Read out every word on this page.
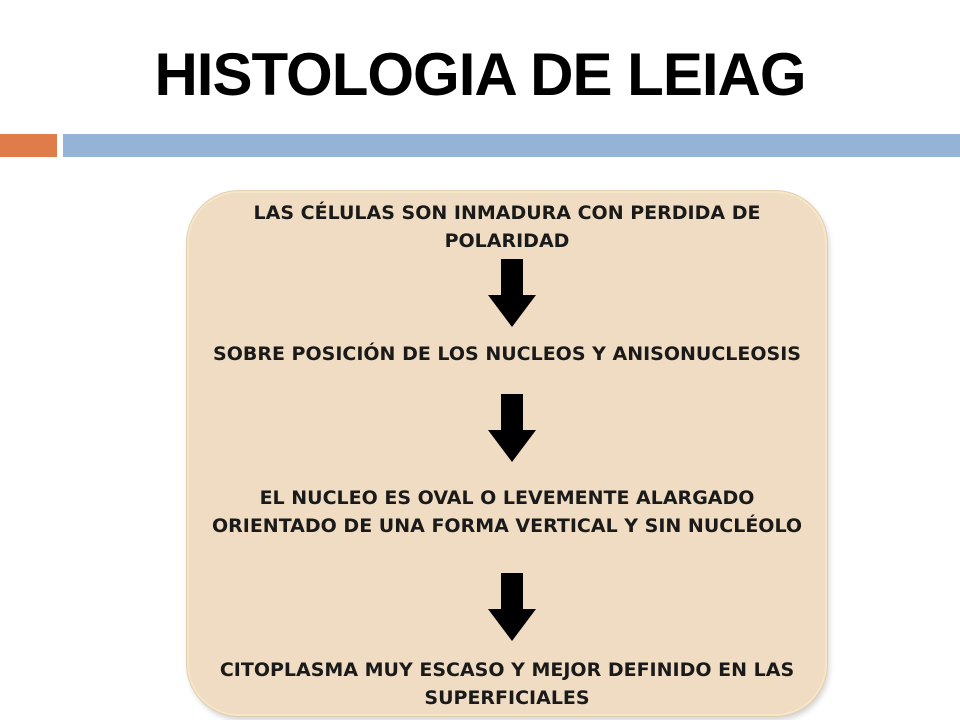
HISTOLOGIA DE LEIAG
LAS CÉLULAS SON INMADURA CON PERDIDA DE POLARIDAD
SOBRE POSICIÓN DE LOS NUCLEOS Y ANISONUCLEOSIS
EL NUCLEO ES OVAL O LEVEMENTE ALARGADO ORIENTADO DE UNA FORMA VERTICAL Y SIN NUCLÉOLO
CITOPLASMA MUY ESCASO Y MEJOR DEFINIDO EN LAS SUPERFICIALES
